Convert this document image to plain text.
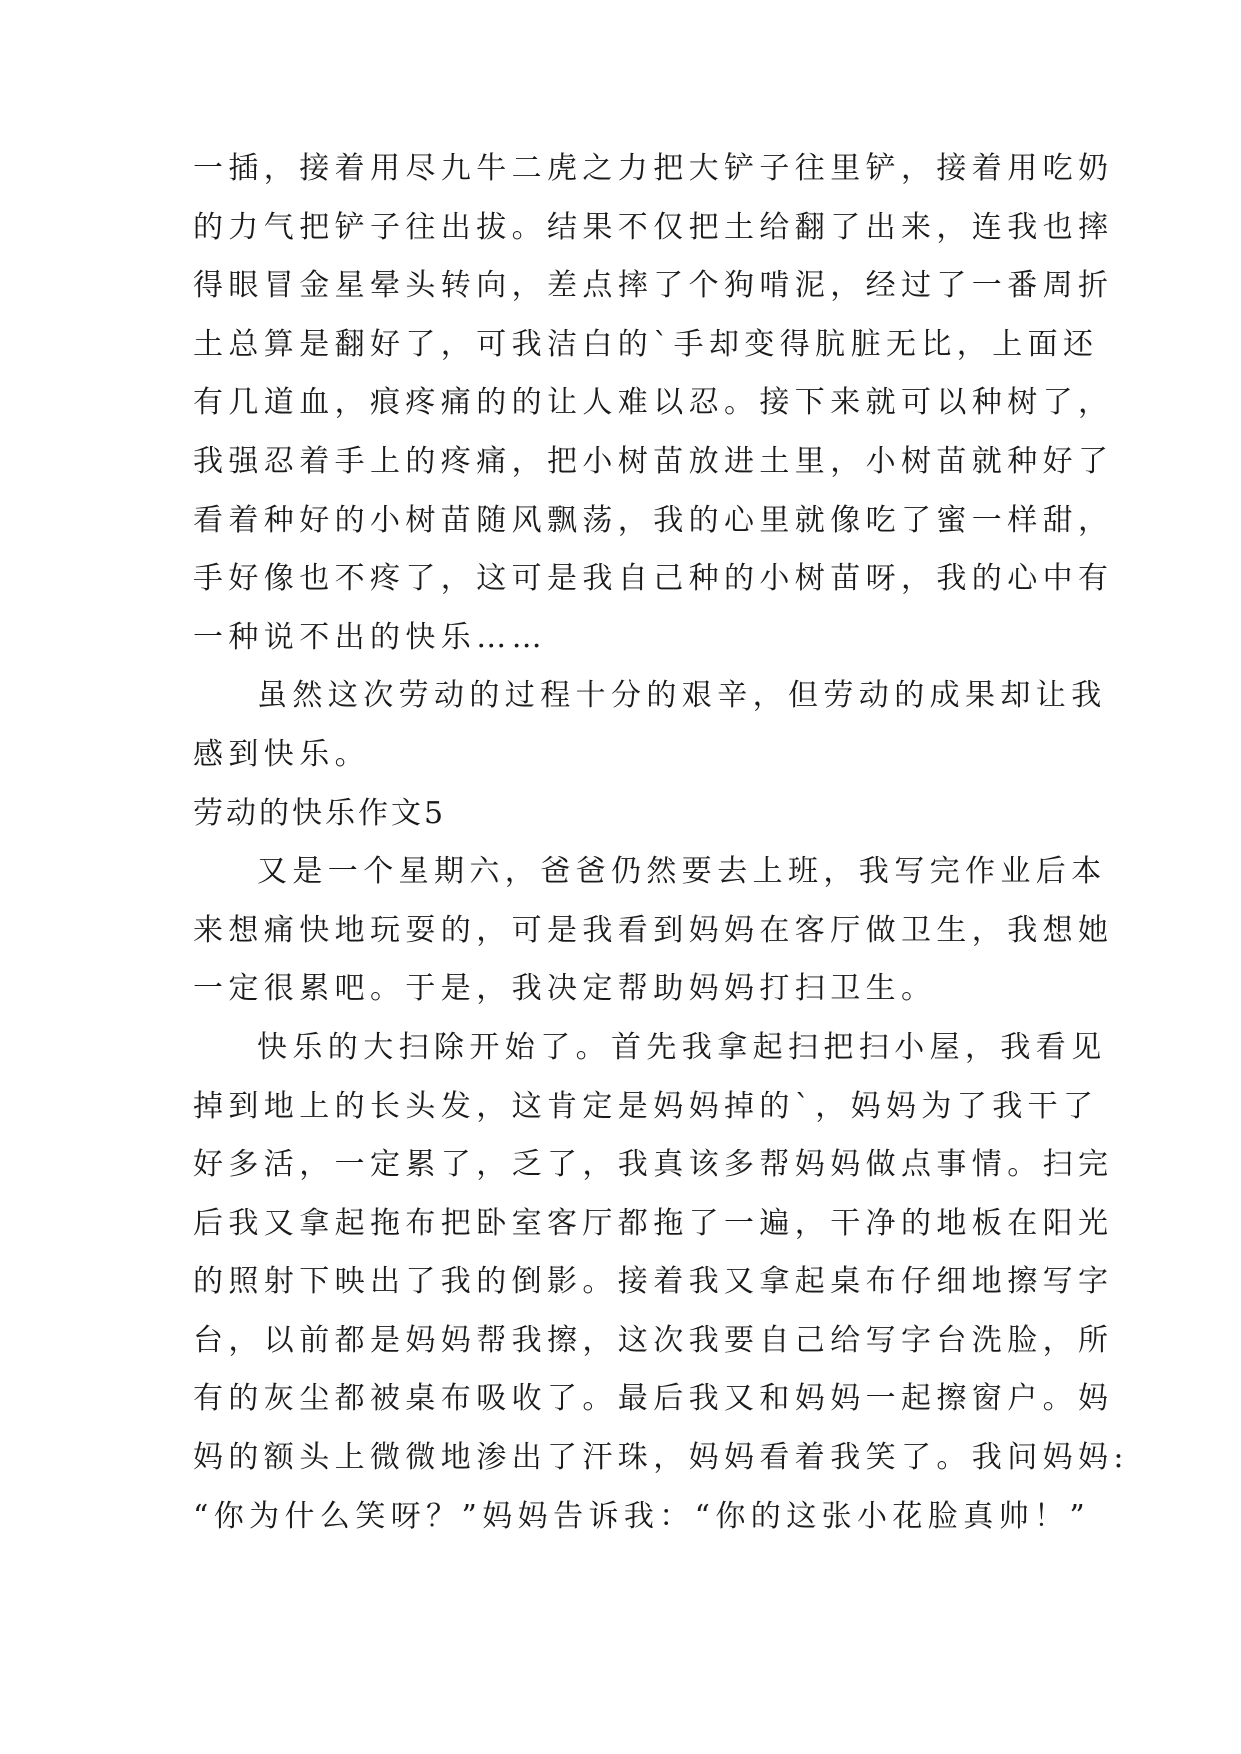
一插，接着用尽九牛二虎之力把大铲子往里铲，接着用吃奶
的力气把铲子往出拔。结果不仅把土给翻了出来，连我也摔
得眼冒金星晕头转向，差点摔了个狗啃泥，经过了一番周折
土总算是翻好了，可我洁白的`手却变得肮脏无比，上面还
有几道血，痕疼痛的的让人难以忍。接下来就可以种树了，
我强忍着手上的疼痛，把小树苗放进土里，小树苗就种好了
看着种好的小树苗随风飘荡，我的心里就像吃了蜜一样甜，
手好像也不疼了，这可是我自己种的小树苗呀，我的心中有
一种说不出的快乐……
虽然这次劳动的过程十分的艰辛，但劳动的成果却让我
感到快乐。
劳动的快乐作文5
又是一个星期六，爸爸仍然要去上班，我写完作业后本
来想痛快地玩耍的，可是我看到妈妈在客厅做卫生，我想她
一定很累吧。于是，我决定帮助妈妈打扫卫生。
快乐的大扫除开始了。首先我拿起扫把扫小屋，我看见
掉到地上的长头发，这肯定是妈妈掉的`，妈妈为了我干了
好多活，一定累了，乏了，我真该多帮妈妈做点事情。扫完
后我又拿起拖布把卧室客厅都拖了一遍，干净的地板在阳光
的照射下映出了我的倒影。接着我又拿起桌布仔细地擦写字
台，以前都是妈妈帮我擦，这次我要自己给写字台洗脸，所
有的灰尘都被桌布吸收了。最后我又和妈妈一起擦窗户。妈
妈的额头上微微地渗出了汗珠，妈妈看着我笑了。我问妈妈:
“你为什么笑呀？”妈妈告诉我：“你的这张小花脸真帅！”
